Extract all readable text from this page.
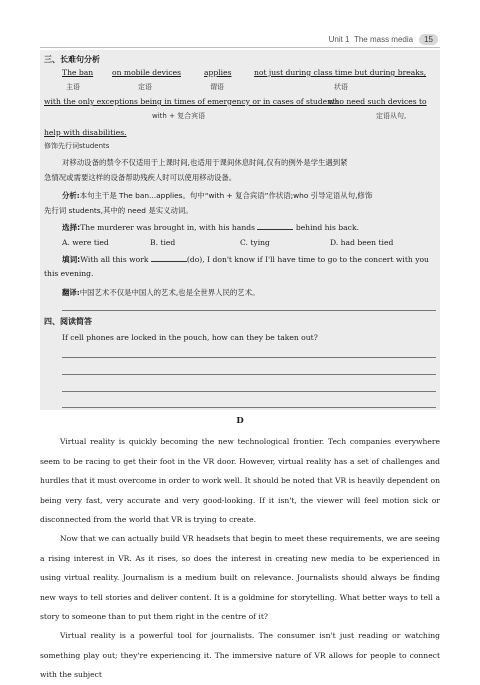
Unit 1
The mass media	15
三、长难句分析
The ban on mobile devices	applies	not just during class time but during breaks,
主语	定语	谓语	状语
with the only exceptions being in times of emergency or in cases of students
who need such devices to
with + 复合宾语	定语从句,
help with disabilities.
修饰先行词students
对移动设备的禁令不仅适用于上课时间,也适用于课间休息时间,仅有的例外是学生遇到紧
急情况或需要这样的设备帮助残疾人时可以使用移动设备。
分析:本句主干是 The ban...applies。句中“with + 复合宾语”作状语;who 引导定语从句,修饰
先行词 students,其中的 need 是实义动词。
选择:The murderer was brought in, with his hands	behind his back.
A. were tied	B. tied	C. tying	D. had been tied
填词:With all this work	(do), I don't know if I'll have time to go to the concert with you
this evening.
翻译:中国艺术不仅是中国人的艺术,也是全世界人民的艺术。
四、阅读简答
If cell phones are locked in the pouch, how can they be taken out?
D
Virtual reality is quickly becoming the new technological frontier. Tech companies everywhere seem to be racing to get their foot in the VR door. However, virtual reality has a set of challenges and hurdles that it must overcome in order to work well. It should be noted that VR is heavily dependent on being very fast, very accurate and very good-looking. If it isn't, the viewer will feel motion sick or disconnected from the world that VR is trying to create.
Now that we can actually build VR headsets that begin to meet these requirements, we are seeing a rising interest in VR. As it rises, so does the interest in creating new media to be experienced in using virtual reality. Journalism is a medium built on relevance. Journalists should always be finding new ways to tell stories and deliver content. It is a goldmine for storytelling. What better ways to tell a story to someone than to put them right in the centre of it?
Virtual reality is a powerful tool for journalists. The consumer isn't just reading or watching something play out; they're experiencing it. The immersive nature of VR allows for people to connect with the subject
